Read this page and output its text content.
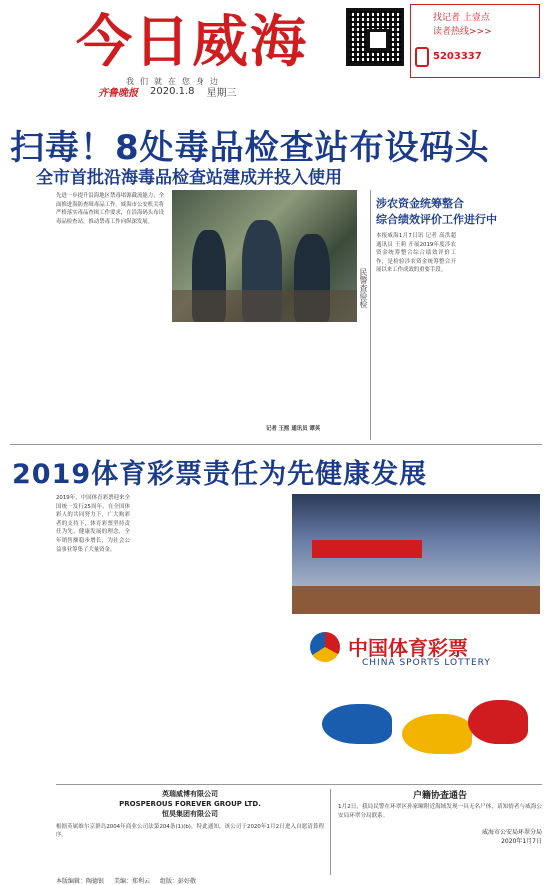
今日威海
我们就在您身边
齐鲁晚报 2020.1.8 星期三
找记者 上壹点
读者热线>>>
5203337
扫毒！8处毒品检查站布设码头
全市首批沿海毒品检查站建成并投入使用
先进一步提升沿海地区禁毒堵源截流能力，全面推进海防查缉毒品工作。威海市公安机关将严格落实毒品查缉工作要求，在沿海码头布设毒品检查站，推动禁毒工作向纵深发展。
民警查验检
记者 王熙 通讯员 谭英
涉农资金统筹整合
综合绩效评价工作进行中
本报威海1月7日讯 记者 高洪超 通讯员 王莉 开展2019年度涉农资金统筹整合综合绩效评价工作，是检验涉农资金统筹整合开展以来工作成效的重要手段。
2019体育彩票责任为先健康发展
2019年，中国体育彩票迎来全国统一发行25周年。在全国体彩人的共同努力下，广大购彩者的支持下，体育彩票坚持责任为先、健康发展的理念，全年销售额稳步增长，为社会公益事业筹集了大量资金。
中国体育彩票
CHINA SPORTS LOTTERY
英瑞威博有限公司
PROSPEROUS FOREVER GROUP LTD.
恒昊集团有限公司
根据英属维尔京群岛2004年商业公司法第204条(1)(b)，特此通知，该公司于2020年1月2日进入自愿清算程序。
户籍协查通告
1月2日，我局民警在环翠区孙家疃附近海域发现一具无名尸体，请知情者与威海公安局环翠分局联系。
威海市公安局环翠分局
2020年1月7日
本版编辑：陶德银 美编：郑利云 组版：彭好敬
